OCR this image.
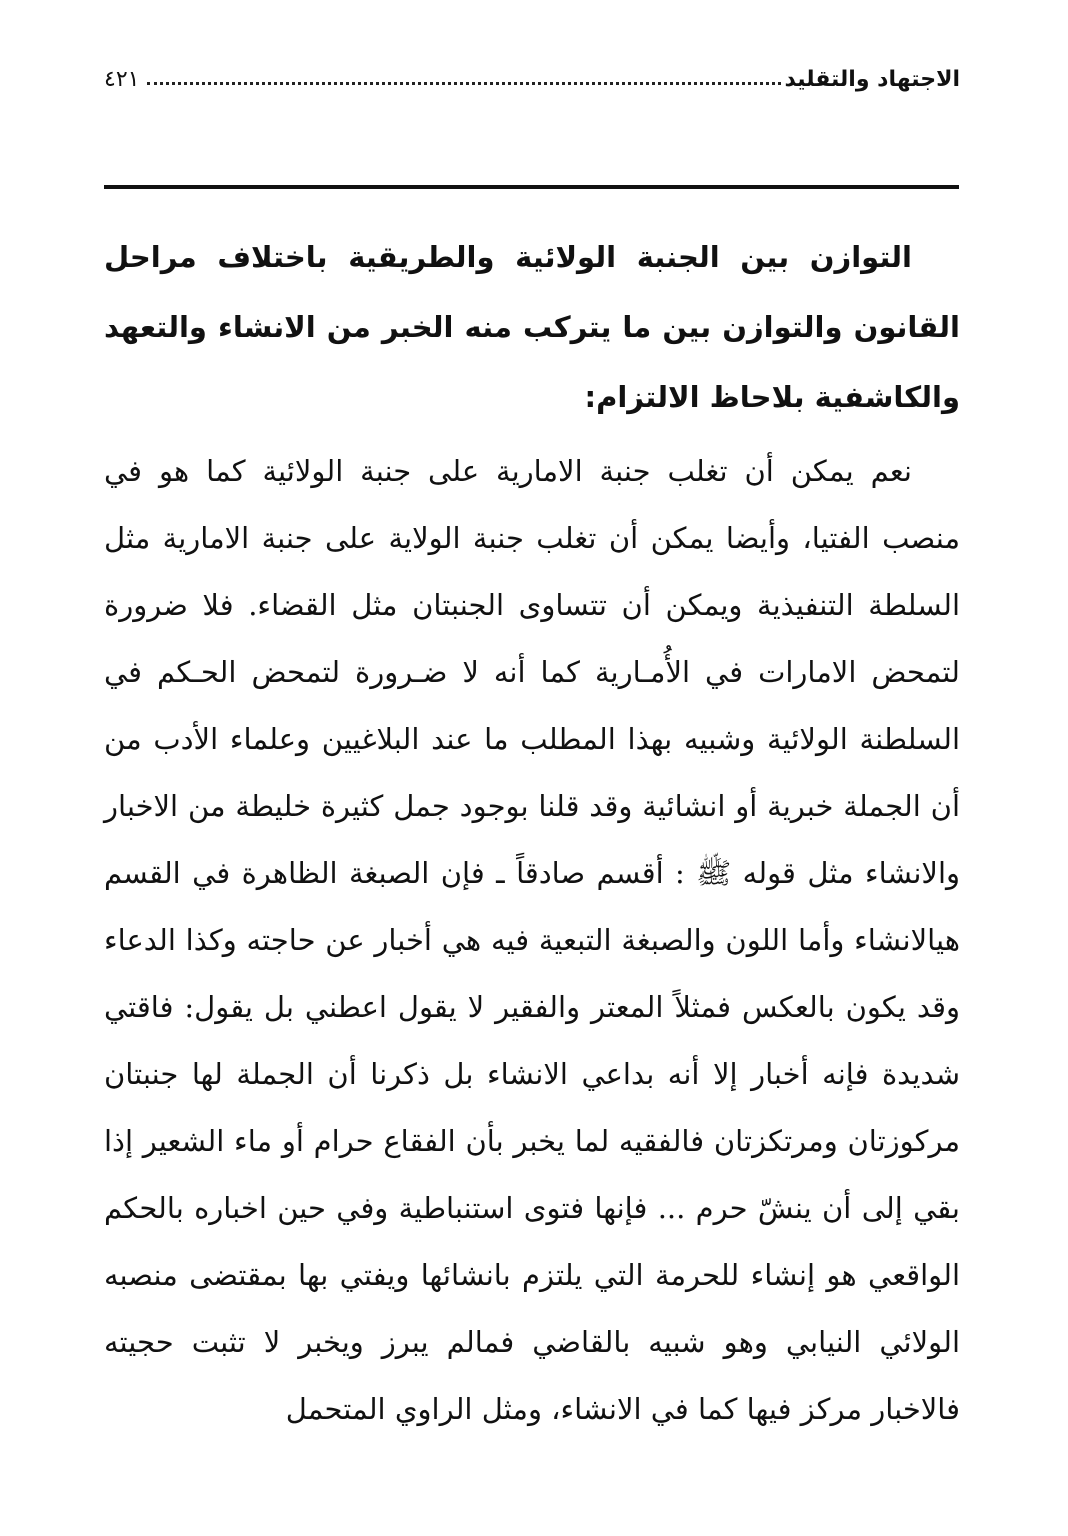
الاجتهاد والتقليد
٤٢١
التوازن بين الجنبة الولائية والطريقية باختلاف مراحل القانون والتوازن بين ما يتركب منه الخبر من الانشاء والتعهد والكاشفية بلاحاظ الالتزام:
نعم يمكن أن تغلب جنبة الامارية على جنبة الولائية كما هو في منصب الفتيا، وأيضا يمكن أن تغلب جنبة الولاية على جنبة الامارية مثل السلطة التنفيذية ويمكن أن تتساوى الجنبتان مثل القضاء. فلا ضرورة لتمحض الامارات في الأُمـارية كما أنه لا ضـرورة لتمحض الحـكم في السلطنة الولائية وشبيه بهذا المطلب ما عند البلاغيين وعلماء الأدب من أن الجملة خبرية أو انشائية وقد قلنا بوجود جمل كثيرة خليطة من الاخبار والانشاء مثل قوله ﷺ : أقسم صادقاً ـ فإن الصبغة الظاهرة في القسم هيالانشاء وأما اللون والصبغة التبعية فيه هي أخبار عن حاجته وكذا الدعاء وقد يكون بالعكس فمثلاً المعتر والفقير لا يقول اعطني بل يقول: فاقتي شديدة فإنه أخبار إلا أنه بداعي الانشاء بل ذكرنا أن الجملة لها جنبتان مركوزتان ومرتكزتان فالفقيه لما يخبر بأن الفقاع حرام أو ماء الشعير إذا بقي إلى أن ينشّ حرم ... فإنها فتوى استنباطية وفي حين اخباره بالحكم الواقعي هو إنشاء للحرمة التي يلتزم بانشائها ويفتي بها بمقتضى منصبه الولائي النيابي وهو شبيه بالقاضي فمالم يبرز ويخبر لا تثبت حجيته فالاخبار مركز فيها كما في الانشاء، ومثل الراوي المتحمل
